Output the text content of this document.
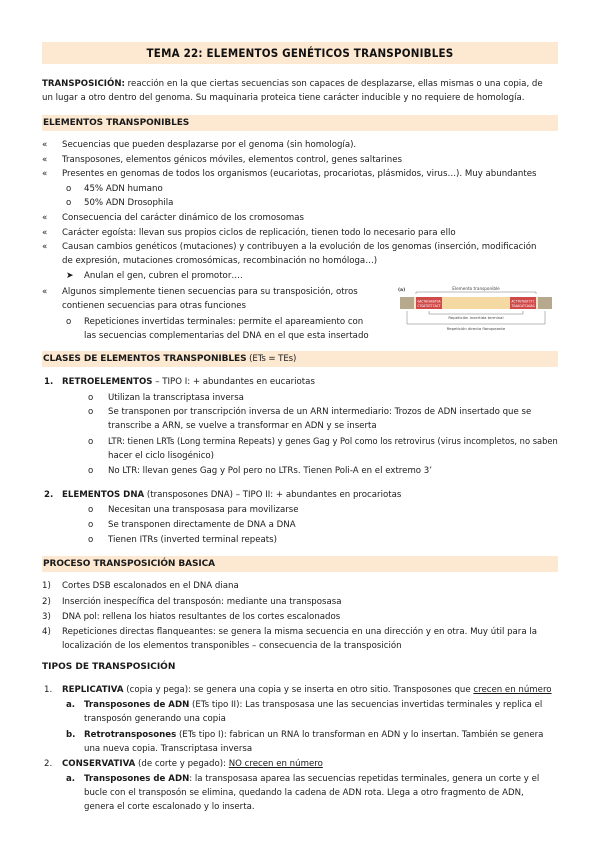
TEMA 22: ELEMENTOS GENÉTICOS TRANSPONIBLES
TRANSPOSICIÓN: reacción en la que ciertas secuencias son capaces de desplazarse, ellas mismas o una copia, de
un lugar a otro dentro del genoma. Su maquinaria proteica tiene carácter inducible y no requiere de homología.
ELEMENTOS TRANSPONIBLES
« Secuencias que pueden desplazarse por el genoma (sin homología).
« Transposones, elementos génicos móviles, elementos control, genes saltarines
« Presentes en genomas de todos los organismos (eucariotas, procariotas, plásmidos, virus…). Muy abundantes
o 45% ADN humano
o 50% ADN Drosophila
« Consecuencia del carácter dinámico de los cromosomas
« Carácter egoísta: llevan sus propios ciclos de replicación, tienen todo lo necesario para ello
« Causan cambios genéticos (mutaciones) y contribuyen a la evolución de los genomas (inserción, modificación
de expresión, mutaciones cromosómicas, recombinación no homóloga…)
➤ Anulan el gen, cubren el promotor….
« Algunos simplemente tienen secuencias para su transposición, otros
contienen secuencias para otras funciones
o Repeticiones invertidas terminales: permite el apareamiento con
las secuencias complementarias del DNA en el que esta insertado
(a)	Elemento transponible
GACTACAAGTGA
CTGATGTTCACT
ACTTGTAGTCTC
TGAACATCAGAG
Repetición invertida terminal
Repetición directa flanqueante
CLASES DE ELEMENTOS TRANSPONIBLES (ETs = TEs)
1. RETROELEMENTOS – TIPO I: + abundantes en eucariotas
o Utilizan la transcriptasa inversa
o Se transponen por transcripción inversa de un ARN intermediario: Trozos de ADN insertado que se
transcribe a ARN, se vuelve a transformar en ADN y se inserta
o LTR: tienen LRTs (Long termina Repeats) y genes Gag y Pol como los retrovirus (virus incompletos, no saben
hacer el ciclo lisogénico)
o No LTR: llevan genes Gag y Pol pero no LTRs. Tienen Poli-A en el extremo 3’
2. ELEMENTOS DNA (transposones DNA) – TIPO II: + abundantes en procariotas
o Necesitan una transposasa para movilizarse
o Se transponen directamente de DNA a DNA
o Tienen ITRs (inverted terminal repeats)
PROCESO TRANSPOSICIÓN BASICA
1) Cortes DSB escalonados en el DNA diana
2) Inserción inespecífica del transposón: mediante una transposasa
3) DNA pol: rellena los hiatos resultantes de los cortes escalonados
4) Repeticiones directas flanqueantes: se genera la misma secuencia en una dirección y en otra. Muy útil para la
localización de los elementos transponibles – consecuencia de la transposición
TIPOS DE TRANSPOSICIÓN
1. REPLICATIVA (copia y pega): se genera una copia y se inserta en otro sitio. Transposones que crecen en número
a. Transposones de ADN (ETs tipo II): Las transposasa une las secuencias invertidas terminales y replica el
transposón generando una copia
b. Retrotransposones (ETs tipo I): fabrican un RNA lo transforman en ADN y lo insertan. También se genera
una nueva copia. Transcriptasa inversa
2. CONSERVATIVA (de corte y pegado): NO crecen en número
a. Transposones de ADN: la transposasa aparea las secuencias repetidas terminales, genera un corte y el
bucle con el transposón se elimina, quedando la cadena de ADN rota. Llega a otro fragmento de ADN,
genera el corte escalonado y lo inserta.
